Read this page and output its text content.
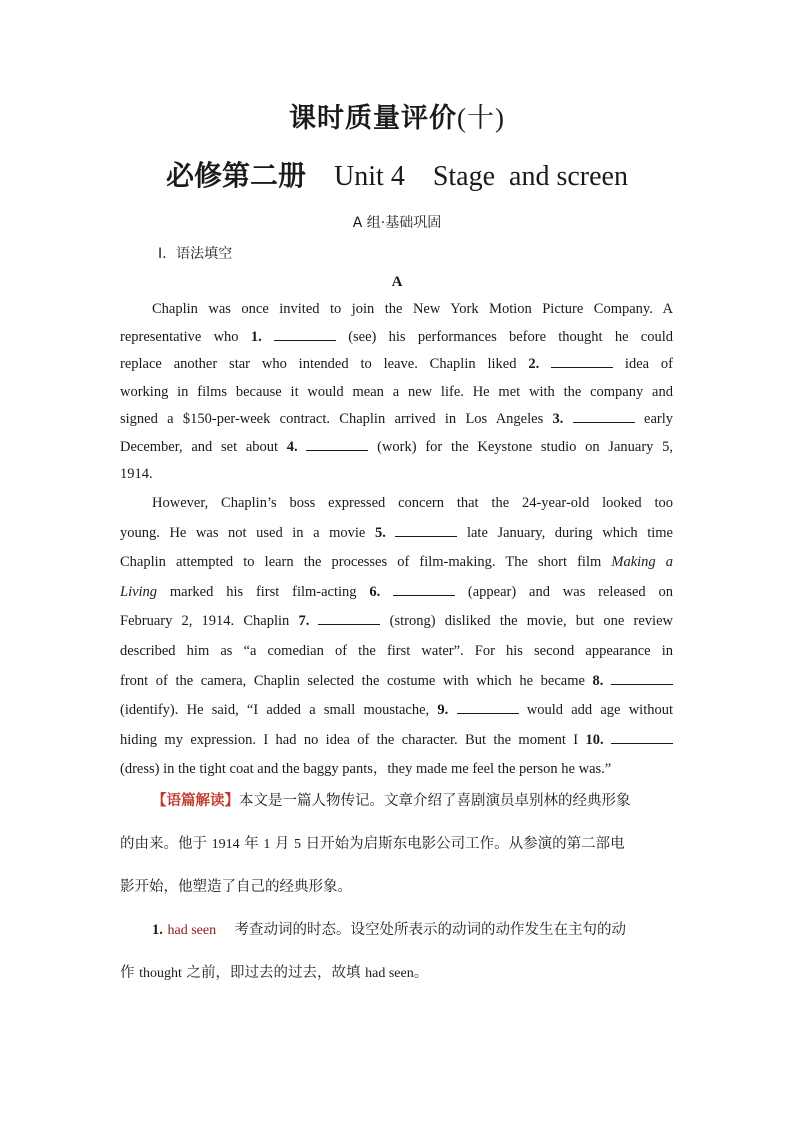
课时质量评价(十)
必修第二册 Unit 4 Stage  and screen
A 组·基础巩固
Ⅰ．语法填空
A
Chaplin was once invited to join the New York Motion Picture Company. A
representative who 1.	(see) his performances before thought he could
replace another star who intended to leave. Chaplin liked 2.	idea of
working in films because it would mean a new life. He met with the company and
signed a $150-per-week contract. Chaplin arrived in Los Angeles 3.	early
December, and set about 4.	(work) for the Keystone studio on January 5,
1914.
However, Chaplin’s boss expressed concern that the 24-year-old looked too
young. He was not used in a movie 5.	late January, during which time
Chaplin attempted to learn the processes of film-making. The short film Making a
Living marked his first film-acting 6.	(appear) and was released on
February 2, 1914. Chaplin 7.	(strong) disliked the movie, but one review
described him as “a comedian of the first water”. For his second appearance in
front of the camera, Chaplin selected the costume with which he became 8.
(identify). He said, “I added a small moustache, 9.	would add age without
hiding my expression. I had no idea of the character. But the moment I 10.
(dress) in the tight coat and the baggy pants，they made me feel the person he was.”
【语篇解读】本文是一篇人物传记。文章介绍了喜剧演员卓别林的经典形象
的由来。他于 1914 年 1 月 5 日开始为启斯东电影公司工作。从参演的第二部电
影开始，他塑造了自己的经典形象。
1. had seen 考查动词的时态。设空处所表示的动词的动作发生在主句的动
作 thought 之前，即过去的过去，故填 had seen。
